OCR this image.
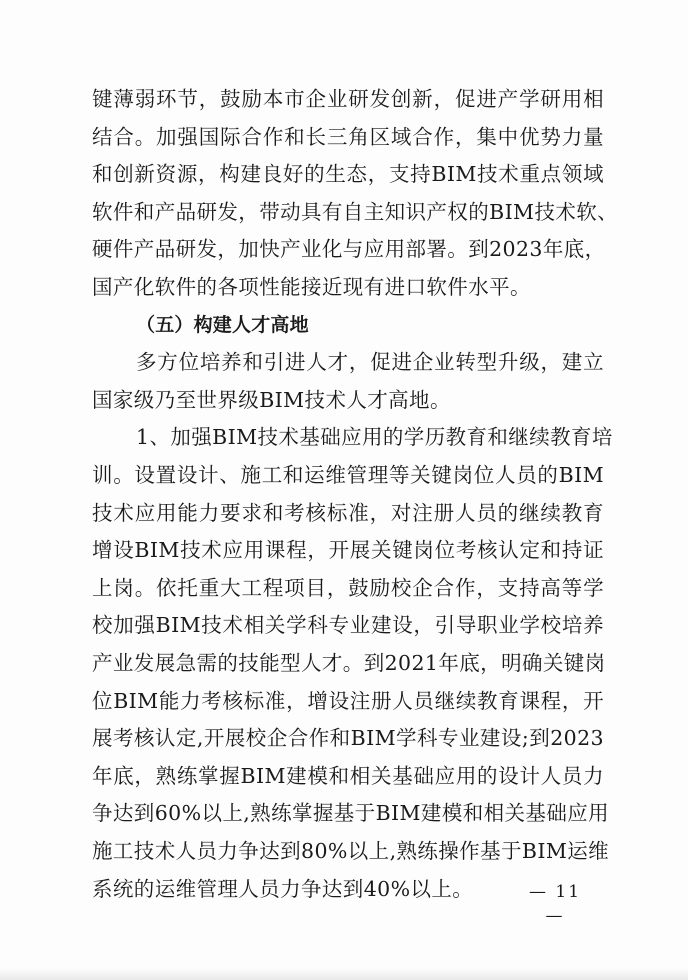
键薄弱环节，鼓励本市企业研发创新，促进产学研用相
结合。加强国际合作和长三角区域合作，集中优势力量
和创新资源，构建良好的生态，支持BIM技术重点领域
软件和产品研发，带动具有自主知识产权的BIM技术软、
硬件产品研发，加快产业化与应用部署。到2023年底，
国产化软件的各项性能接近现有进口软件水平。
（五）构建人才高地
多方位培养和引进人才，促进企业转型升级，建立
国家级乃至世界级BIM技术人才高地。
1、加强BIM技术基础应用的学历教育和继续教育培
训。设置设计、施工和运维管理等关键岗位人员的BIM
技术应用能力要求和考核标准，对注册人员的继续教育
增设BIM技术应用课程，开展关键岗位考核认定和持证
上岗。依托重大工程项目，鼓励校企合作，支持高等学
校加强BIM技术相关学科专业建设，引导职业学校培养
产业发展急需的技能型人才。到2021年底，明确关键岗
位BIM能力考核标准，增设注册人员继续教育课程，开
展考核认定,开展校企合作和BIM学科专业建设;到2023
年底，熟练掌握BIM建模和相关基础应用的设计人员力
争达到60%以上,熟练掌握基于BIM建模和相关基础应用
施工技术人员力争达到80%以上,熟练操作基于BIM运维
系统的运维管理人员力争达到40%以上。	— 11 —
